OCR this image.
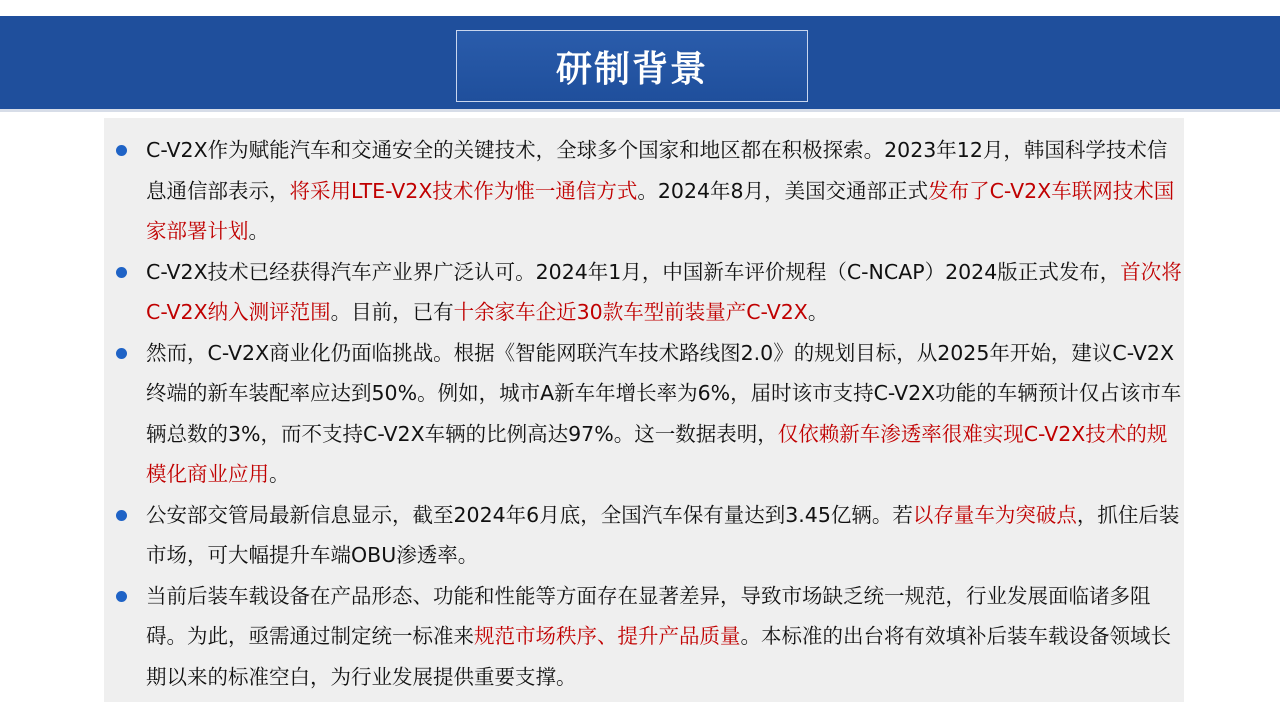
研制背景
C-V2X作为赋能汽车和交通安全的关键技术，全球多个国家和地区都在积极探索。2023年12月，韩国科学技术信息通信部表示，将采用LTE-V2X技术作为惟一通信方式。2024年8月，美国交通部正式发布了C-V2X车联网技术国家部署计划。
C-V2X技术已经获得汽车产业界广泛认可。2024年1月，中国新车评价规程（C-NCAP）2024版正式发布，首次将C-V2X纳入测评范围。目前，已有十余家车企近30款车型前装量产C-V2X。
然而，C-V2X商业化仍面临挑战。根据《智能网联汽车技术路线图2.0》的规划目标，从2025年开始，建议C-V2X终端的新车装配率应达到50%。例如，城市A新车年增长率为6%，届时该市支持C-V2X功能的车辆预计仅占该市车辆总数的3%，而不支持C-V2X车辆的比例高达97%。这一数据表明，仅依赖新车渗透率很难实现C-V2X技术的规模化商业应用。
公安部交管局最新信息显示，截至2024年6月底，全国汽车保有量达到3.45亿辆。若以存量车为突破点，抓住后装市场，可大幅提升车端OBU渗透率。
当前后装车载设备在产品形态、功能和性能等方面存在显著差异，导致市场缺乏统一规范，行业发展面临诸多阻碍。为此，亟需通过制定统一标准来规范市场秩序、提升产品质量。本标准的出台将有效填补后装车载设备领域长期以来的标准空白，为行业发展提供重要支撑。
